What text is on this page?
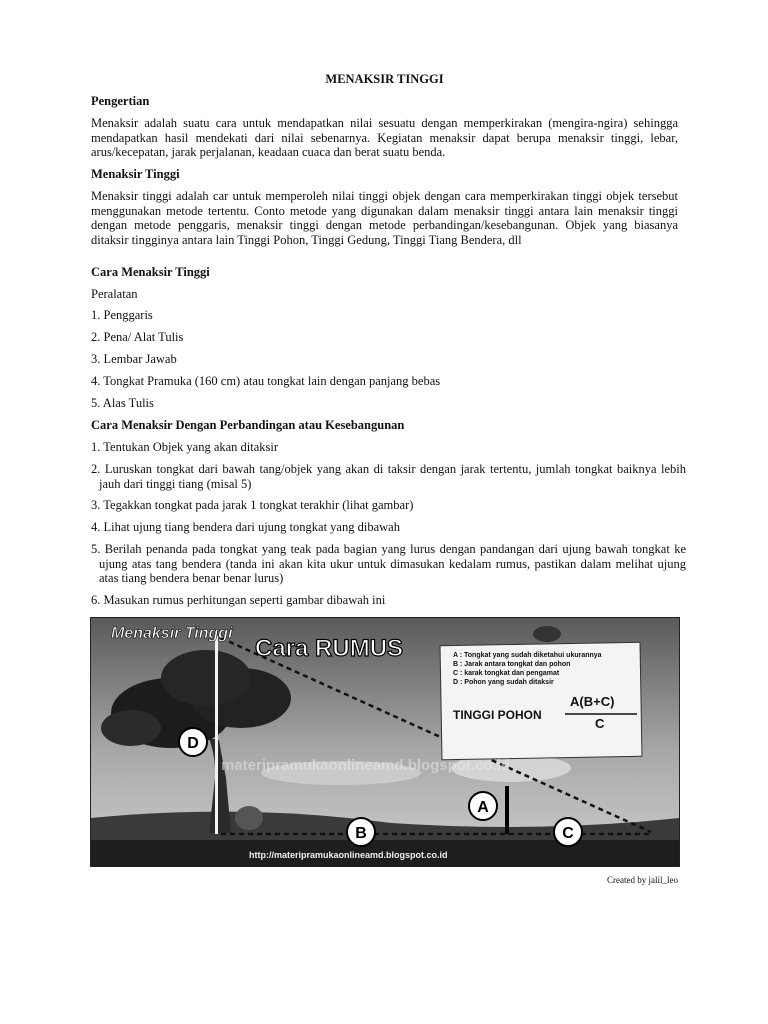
MENAKSIR TINGGI

Pengertian

Menaksir adalah suatu cara untuk mendapatkan nilai sesuatu dengan memperkirakan (mengira-ngira) sehingga mendapatkan hasil mendekati dari nilai sebenarnya. Kegiatan menaksir dapat berupa menaksir tinggi, lebar, arus/kecepatan, jarak perjalanan, keadaan cuaca dan berat suatu benda.

Menaksir Tinggi

Menaksir tinggi adalah car untuk memperoleh nilai tinggi objek dengan cara memperkirakan tinggi objek tersebut menggunakan metode tertentu. Conto metode yang digunakan dalam menaksir tinggi antara lain menaksir tinggi dengan metode penggaris, menaksir tinggi dengan metode perbandingan/kesebangunan. Objek yang biasanya ditaksir tingginya antara lain Tinggi Pohon, Tinggi Gedung, Tinggi Tiang Bendera, dll

Cara Menaksir Tinggi

Peralatan

1. Penggaris

2. Pena/ Alat Tulis

3. Lembar Jawab

4. Tongkat Pramuka (160 cm) atau tongkat lain dengan panjang bebas

5. Alas Tulis

Cara Menaksir Dengan Perbandingan atau Kesebangunan

1. Tentukan Objek yang akan ditaksir

2. Luruskan tongkat dari bawah tang/objek yang akan di taksir dengan jarak tertentu, jumlah tongkat baiknya lebih jauh dari tinggi tiang (misal 5)

3. Tegakkan tongkat pada jarak 1 tongkat terakhir (lihat gambar)

4. Lihat ujung tiang bendera dari ujung tongkat yang dibawah

5. Berilah penanda pada tongkat yang teak pada bagian yang lurus dengan pandangan dari ujung bawah tongkat ke ujung atas tang bendera (tanda ini akan kita ukur untuk dimasukan kedalam rumus, pastikan dalam melihat ujung atas tiang bendera benar benar lurus)

6. Masukan rumus perhitungan seperti gambar dibawah ini

Menaksir Tinggi
Cara RUMUS	A : Tongkat yang sudah diketahui ukurannya
B : Jarak antara tongkat dan pohon
C : karak tongkat dan pengamat
D : Pohon yang sudah ditaksir
TINGGI POHON
A(B+C)
C
materipramukaonlineamd.blogspot.co.id
D
A
B	C
http://materipramukaonlineamd.blogspot.co.id
Created by jalil_leo
